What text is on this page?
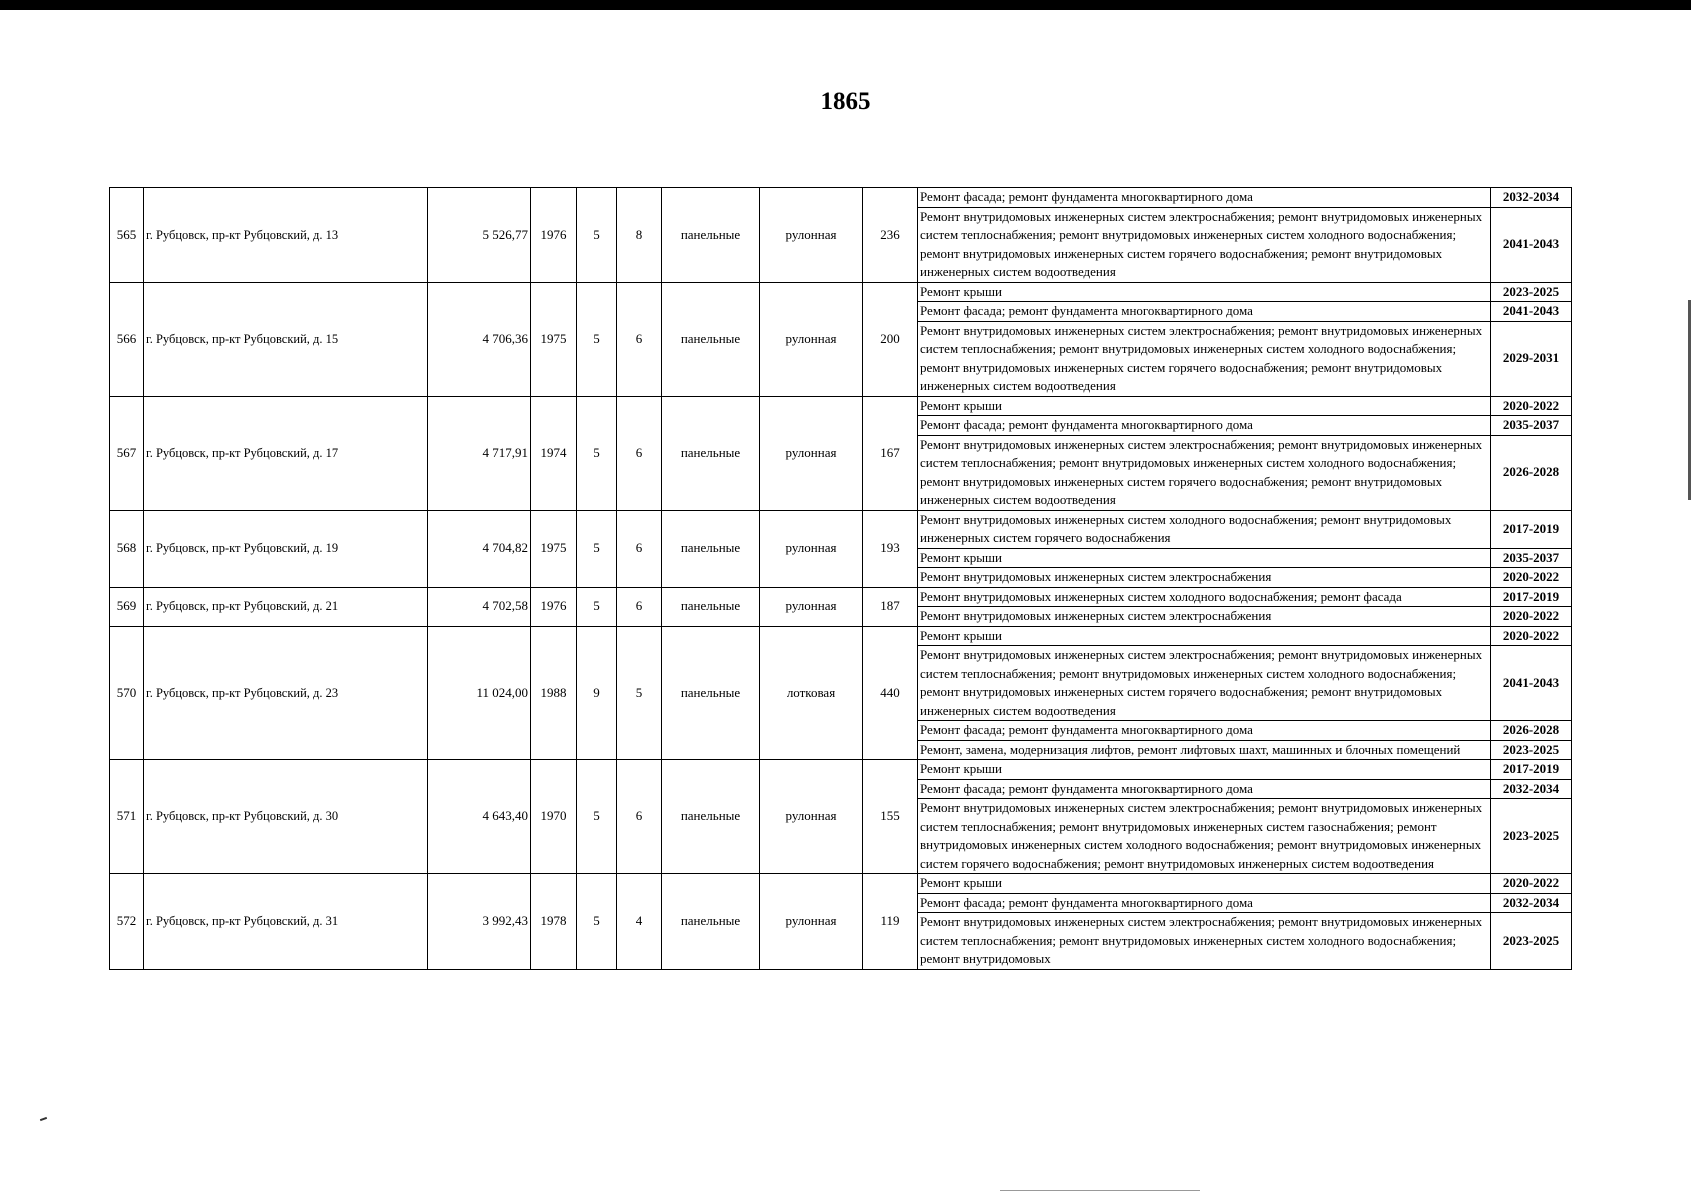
1865
565	г. Рубцовск, пр-кт Рубцовский, д. 13	5 526,77	1976	5	8	панельные	рулонная	236	Ремонт фасада; ремонт фундамента многоквартирного дома	2032-2034
									Ремонт внутридомовых инженерных систем электроснабжения; ремонт внутридомовых инженерных систем теплоснабжения; ремонт внутридомовых инженерных систем холодного водоснабжения; ремонт внутридомовых инженерных систем горячего водоснабжения; ремонт внутридомовых инженерных систем водоотведения	2041-2043
566	г. Рубцовск, пр-кт Рубцовский, д. 15	4 706,36	1975	5	6	панельные	рулонная	200	Ремонт крыши	2023-2025
									Ремонт фасада; ремонт фундамента многоквартирного дома	2041-2043
									Ремонт внутридомовых инженерных систем электроснабжения; ремонт внутридомовых инженерных систем теплоснабжения; ремонт внутридомовых инженерных систем холодного водоснабжения; ремонт внутридомовых инженерных систем горячего водоснабжения; ремонт внутридомовых инженерных систем водоотведения	2029-2031
567	г. Рубцовск, пр-кт Рубцовский, д. 17	4 717,91	1974	5	6	панельные	рулонная	167	Ремонт крыши	2020-2022
									Ремонт фасада; ремонт фундамента многоквартирного дома	2035-2037
									Ремонт внутридомовых инженерных систем электроснабжения; ремонт внутридомовых инженерных систем теплоснабжения; ремонт внутридомовых инженерных систем холодного водоснабжения; ремонт внутридомовых инженерных систем горячего водоснабжения; ремонт внутридомовых инженерных систем водоотведения	2026-2028
568	г. Рубцовск, пр-кт Рубцовский, д. 19	4 704,82	1975	5	6	панельные	рулонная	193	Ремонт внутридомовых инженерных систем холодного водоснабжения; ремонт внутридомовых инженерных систем горячего водоснабжения	2017-2019
									Ремонт крыши	2035-2037
									Ремонт внутридомовых инженерных систем электроснабжения	2020-2022
569	г. Рубцовск, пр-кт Рубцовский, д. 21	4 702,58	1976	5	6	панельные	рулонная	187	Ремонт внутридомовых инженерных систем холодного водоснабжения; ремонт фасада	2017-2019
									Ремонт внутридомовых инженерных систем электроснабжения	2020-2022
570	г. Рубцовск, пр-кт Рубцовский, д. 23	11 024,00	1988	9	5	панельные	лотковая	440	Ремонт крыши	2020-2022
									Ремонт внутридомовых инженерных систем электроснабжения; ремонт внутридомовых инженерных систем теплоснабжения; ремонт внутридомовых инженерных систем холодного водоснабжения; ремонт внутридомовых инженерных систем горячего водоснабжения; ремонт внутридомовых инженерных систем водоотведения	2041-2043
									Ремонт фасада; ремонт фундамента многоквартирного дома	2026-2028
									Ремонт, замена, модернизация лифтов, ремонт лифтовых шахт, машинных и блочных помещений	2023-2025
571	г. Рубцовск, пр-кт Рубцовский, д. 30	4 643,40	1970	5	6	панельные	рулонная	155	Ремонт крыши	2017-2019
									Ремонт фасада; ремонт фундамента многоквартирного дома	2032-2034
									Ремонт внутридомовых инженерных систем электроснабжения; ремонт внутридомовых инженерных систем теплоснабжения; ремонт внутридомовых инженерных систем газоснабжения; ремонт внутридомовых инженерных систем холодного водоснабжения; ремонт внутридомовых инженерных систем горячего водоснабжения; ремонт внутридомовых инженерных систем водоотведения	2023-2025
572	г. Рубцовск, пр-кт Рубцовский, д. 31	3 992,43	1978	5	4	панельные	рулонная	119	Ремонт крыши	2020-2022
									Ремонт фасада; ремонт фундамента многоквартирного дома	2032-2034
									Ремонт внутридомовых инженерных систем электроснабжения; ремонт внутридомовых инженерных систем теплоснабжения; ремонт внутридомовых инженерных систем холодного водоснабжения; ремонт внутридомовых	2023-2025
